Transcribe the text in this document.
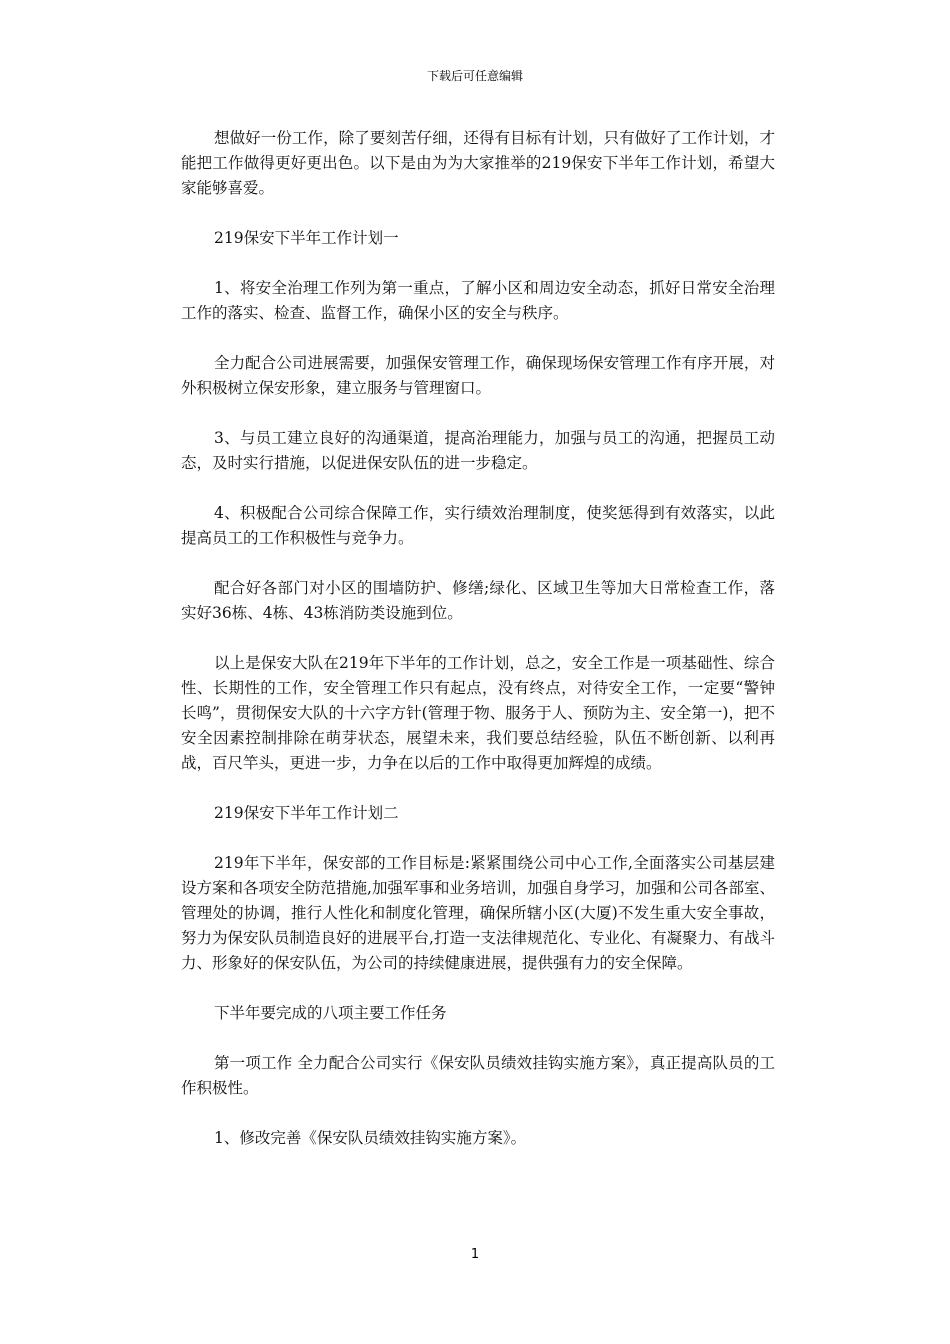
下载后可任意编辑

想做好一份工作，除了要刻苦仔细，还得有目标有计划，只有做好了工作计划，才能把工作做得更好更出色。以下是由为为大家推举的219保安下半年工作计划，希望大家能够喜爱。

219保安下半年工作计划一

1、将安全治理工作列为第一重点，了解小区和周边安全动态，抓好日常安全治理工作的落实、检查、监督工作，确保小区的安全与秩序。

全力配合公司进展需要，加强保安管理工作，确保现场保安管理工作有序开展，对外积极树立保安形象，建立服务与管理窗口。

3、与员工建立良好的沟通渠道，提高治理能力，加强与员工的沟通，把握员工动态，及时实行措施，以促进保安队伍的进一步稳定。

4、积极配合公司综合保障工作，实行绩效治理制度，使奖惩得到有效落实，以此提高员工的工作积极性与竞争力。

配合好各部门对小区的围墙防护、修缮;绿化、区域卫生等加大日常检查工作，落实好36栋、4栋、43栋消防类设施到位。

以上是保安大队在219年下半年的工作计划，总之，安全工作是一项基础性、综合性、长期性的工作，安全管理工作只有起点，没有终点，对待安全工作，一定要“警钟长鸣”，贯彻保安大队的十六字方针(管理于物、服务于人、预防为主、安全第一)，把不安全因素控制排除在萌芽状态，展望未来，我们要总结经验，队伍不断创新、以利再战，百尺竿头，更进一步，力争在以后的工作中取得更加辉煌的成绩。

219保安下半年工作计划二

219年下半年，保安部的工作目标是:紧紧围绕公司中心工作,全面落实公司基层建设方案和各项安全防范措施,加强军事和业务培训，加强自身学习，加强和公司各部室、管理处的协调，推行人性化和制度化管理，确保所辖小区(大厦)不发生重大安全事故，努力为保安队员制造良好的进展平台,打造一支法律规范化、专业化、有凝聚力、有战斗力、形象好的保安队伍，为公司的持续健康进展，提供强有力的安全保障。

下半年要完成的八项主要工作任务

第一项工作 全力配合公司实行《保安队员绩效挂钩实施方案》，真正提高队员的工作积极性。

1、修改完善《保安队员绩效挂钩实施方案》。

1
